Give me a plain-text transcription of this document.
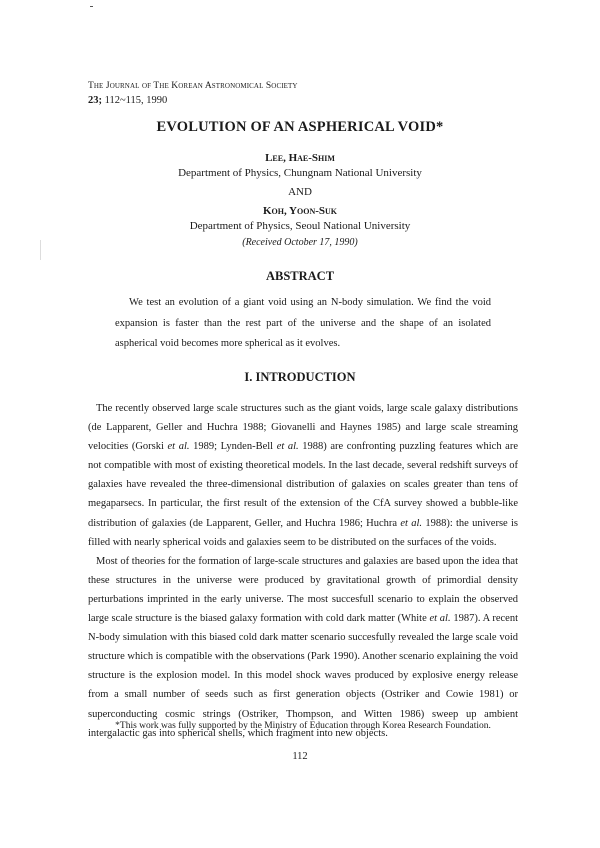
The Journal of The Korean Astronomical Society
23; 112~115, 1990
EVOLUTION OF AN ASPHERICAL VOID*
Lee, Hae-Shim
Department of Physics, Chungnam National University
AND
Koh, Yoon-Suk
Department of Physics, Seoul National University
(Received October 17, 1990)
ABSTRACT
We test an evolution of a giant void using an N-body simulation. We find the void expansion is faster than the rest part of the universe and the shape of an isolated aspherical void becomes more spherical as it evolves.
I. INTRODUCTION

The recently observed large scale structures such as the giant voids, large scale galaxy distributions (de Lapparent, Geller and Huchra 1988; Giovanelli and Haynes 1985) and large scale streaming velocities (Gorski et al. 1989; Lynden-Bell et al. 1988) are confronting puzzling features which are not compatible with most of existing theoretical models. In the last decade, several redshift surveys of galaxies have revealed the three-dimensional distribution of galaxies on scales greater than tens of megaparsecs. In particular, the first result of the extension of the CfA survey showed a bubble-like distribution of galaxies (de Lapparent, Geller, and Huchra 1986; Huchra et al. 1988): the universe is filled with nearly spherical voids and galaxies seem to be distributed on the surfaces of the voids.

Most of theories for the formation of large-scale structures and galaxies are based upon the idea that these structures in the universe were produced by gravitational growth of primordial density perturbations imprinted in the early universe. The most succesfull scenario to explain the observed large scale structure is the biased galaxy formation with cold dark matter (White et al. 1987). A recent N-body simulation with this biased cold dark matter scenario succesfully revealed the large scale void structure which is compatible with the observations (Park 1990). Another scenario explaining the void structure is the explosion model. In this model shock waves produced by explosive energy release from a small number of seeds such as first generation objects (Ostriker and Cowie 1981) or superconducting cosmic strings (Ostriker, Thompson, and Witten 1986) sweep up ambient intergalactic gas into spherical shells, which fragment into new objects.

*This work was fully supported by the Ministry of Education through Korea Research Foundation.
112
